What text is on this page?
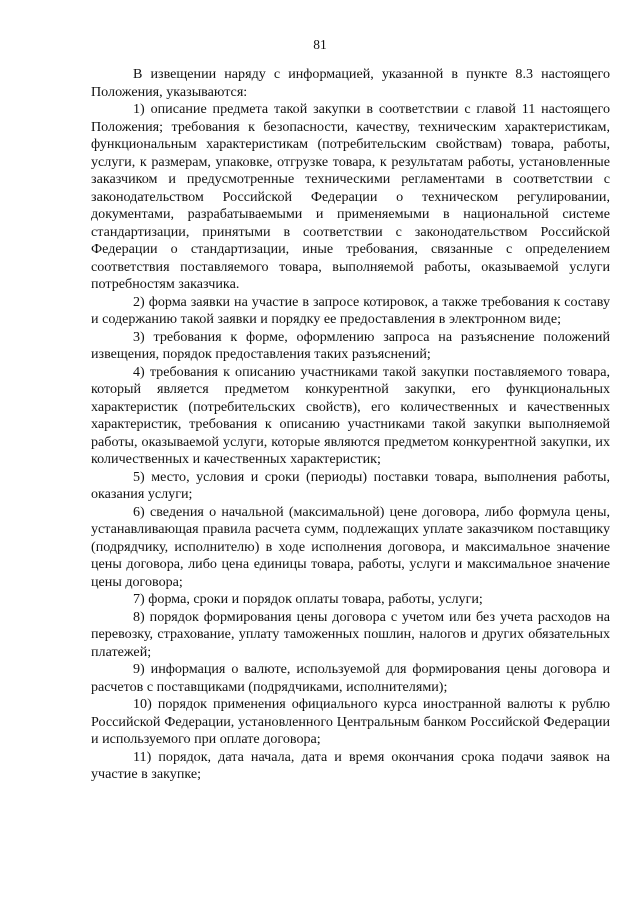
81

В извещении наряду с информацией, указанной в пункте 8.3 настоящего Положения, указываются:

1) описание предмета такой закупки в соответствии с главой 11 настоящего Положения; требования к безопасности, качеству, техническим характеристикам, функциональным характеристикам (потребительским свойствам) товара, работы, услуги, к размерам, упаковке, отгрузке товара, к результатам работы, установленные заказчиком и предусмотренные техническими регламентами в соответствии с законодательством Российской Федерации о техническом регулировании, документами, разрабатываемыми и применяемыми в национальной системе стандартизации, принятыми в соответствии с законодательством Российской Федерации о стандартизации, иные требования, связанные с определением соответствия поставляемого товара, выполняемой работы, оказываемой услуги потребностям заказчика.

2) форма заявки на участие в запросе котировок, а также требования к составу и содержанию такой заявки и порядку ее предоставления в электронном виде;

3) требования к форме, оформлению запроса на разъяснение положений извещения, порядок предоставления таких разъяснений;

4) требования к описанию участниками такой закупки поставляемого товара, который является предметом конкурентной закупки, его функциональных характеристик (потребительских свойств), его количественных и качественных характеристик, требования к описанию участниками такой закупки выполняемой работы, оказываемой услуги, которые являются предметом конкурентной закупки, их количественных и качественных характеристик;

5) место, условия и сроки (периоды) поставки товара, выполнения работы, оказания услуги;

6) сведения о начальной (максимальной) цене договора, либо формула цены, устанавливающая правила расчета сумм, подлежащих уплате заказчиком поставщику (подрядчику, исполнителю) в ходе исполнения договора, и максимальное значение цены договора, либо цена единицы товара, работы, услуги и максимальное значение цены договора;

7) форма, сроки и порядок оплаты товара, работы, услуги;

8) порядок формирования цены договора с учетом или без учета расходов на перевозку, страхование, уплату таможенных пошлин, налогов и других обязательных платежей;

9) информация о валюте, используемой для формирования цены договора и расчетов с поставщиками (подрядчиками, исполнителями);

10) порядок применения официального курса иностранной валюты к рублю Российской Федерации, установленного Центральным банком Российской Федерации и используемого при оплате договора;

11) порядок, дата начала, дата и время окончания срока подачи заявок на участие в закупке;
